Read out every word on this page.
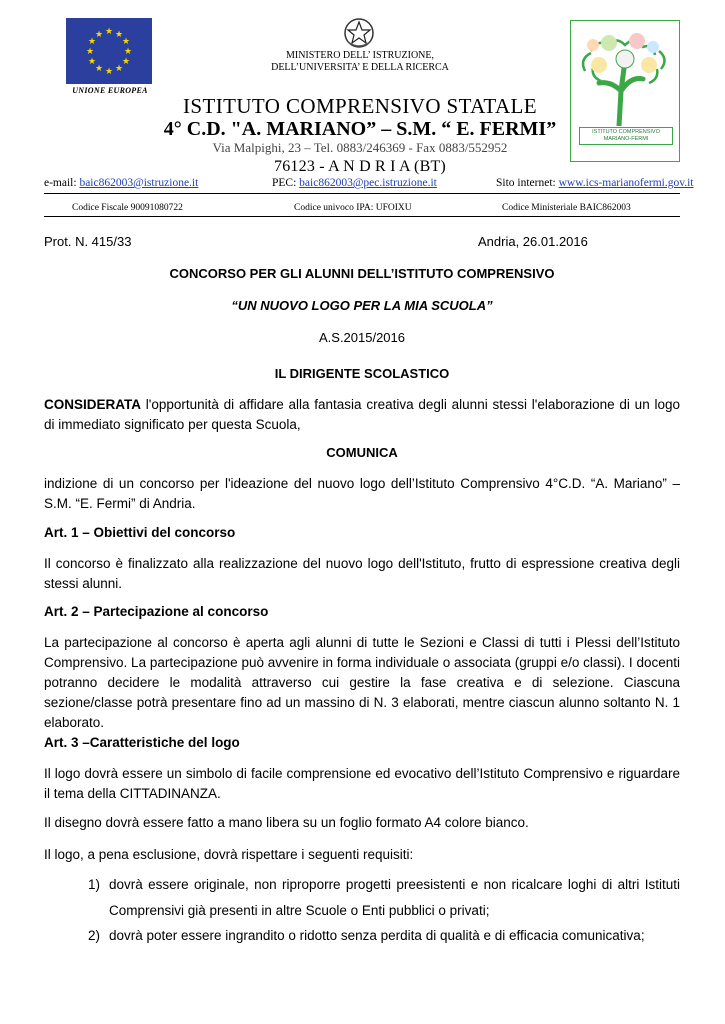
★ ★
★
★
★
★
★
★
★
★
★
★
UNIONE EUROPEA
MINISTERO DELL’ ISTRUZIONE,
DELL’UNIVERSITA’ E DELLA RICERCA
ISTITUTO COMPRENSIVO
MARIANO-FERMI
ISTITUTO COMPRENSIVO STATALE
4° C.D. "A. MARIANO” – S.M. “ E. FERMI”
Via Malpighi, 23 – Tel. 0883/246369 - Fax 0883/552952
76123 - A N D R I A (BT)
e-mail: baic862003@istruzione.it	PEC: baic862003@pec.istruzione.it	Sito internet: www.ics-marianofermi.gov.it
Codice Fiscale 90091080722	Codice univoco IPA: UFOIXU	Codice Ministeriale BAIC862003
Prot. N. 415/33	Andria, 26.01.2016
CONCORSO PER GLI ALUNNI DELL’ISTITUTO COMPRENSIVO
“UN NUOVO LOGO PER LA MIA SCUOLA”
A.S.2015/2016
IL DIRIGENTE SCOLASTICO
CONSIDERATA l'opportunità di affidare alla fantasia creativa degli alunni stessi l'elaborazione di un logo di immediato significato per questa Scuola,
COMUNICA
indizione di un concorso per l'ideazione del nuovo logo dell’Istituto Comprensivo 4°C.D. “A. Mariano” – S.M. “E. Fermi” di Andria.
Art. 1 – Obiettivi del concorso
Il concorso è finalizzato alla realizzazione del nuovo logo dell'Istituto, frutto di espressione creativa degli stessi alunni.
Art. 2 – Partecipazione al concorso
La partecipazione al concorso è aperta agli alunni di tutte le Sezioni e Classi di tutti i Plessi dell’Istituto Comprensivo. La partecipazione può avvenire in forma individuale o associata (gruppi e/o classi). I docenti potranno decidere le modalità attraverso cui gestire la fase creativa e di selezione. Ciascuna sezione/classe potrà presentare fino ad un massino di N. 3 elaborati, mentre ciascun alunno soltanto N. 1 elaborato.
Art. 3 –Caratteristiche del logo
Il logo dovrà essere un simbolo di facile comprensione ed evocativo dell’Istituto Comprensivo e riguardare il tema della CITTADINANZA.
Il disegno dovrà essere fatto a mano libera su un foglio formato A4 colore bianco.
Il logo, a pena esclusione, dovrà rispettare i seguenti requisiti:
1) dovrà essere originale, non riproporre progetti preesistenti e non ricalcare loghi di altri Istituti Comprensivi già presenti in altre Scuole o Enti pubblici o privati;
2) dovrà poter essere ingrandito o ridotto senza perdita di qualità e di efficacia comunicativa;
